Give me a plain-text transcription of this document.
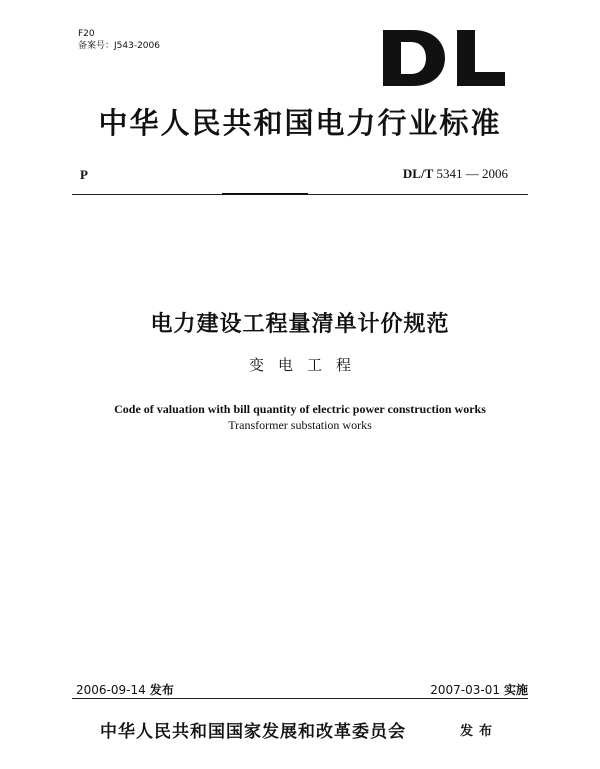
F20
备案号：J543-2006
中华人民共和国电力行业标准
P	DL/T 5341 — 2006
电力建设工程量清单计价规范
变电工程
Code of valuation with bill quantity of electric power construction works
Transformer substation works
2006-09-14 发布	2007-03-01 实施
中华人民共和国国家发展和改革委员会	发布
